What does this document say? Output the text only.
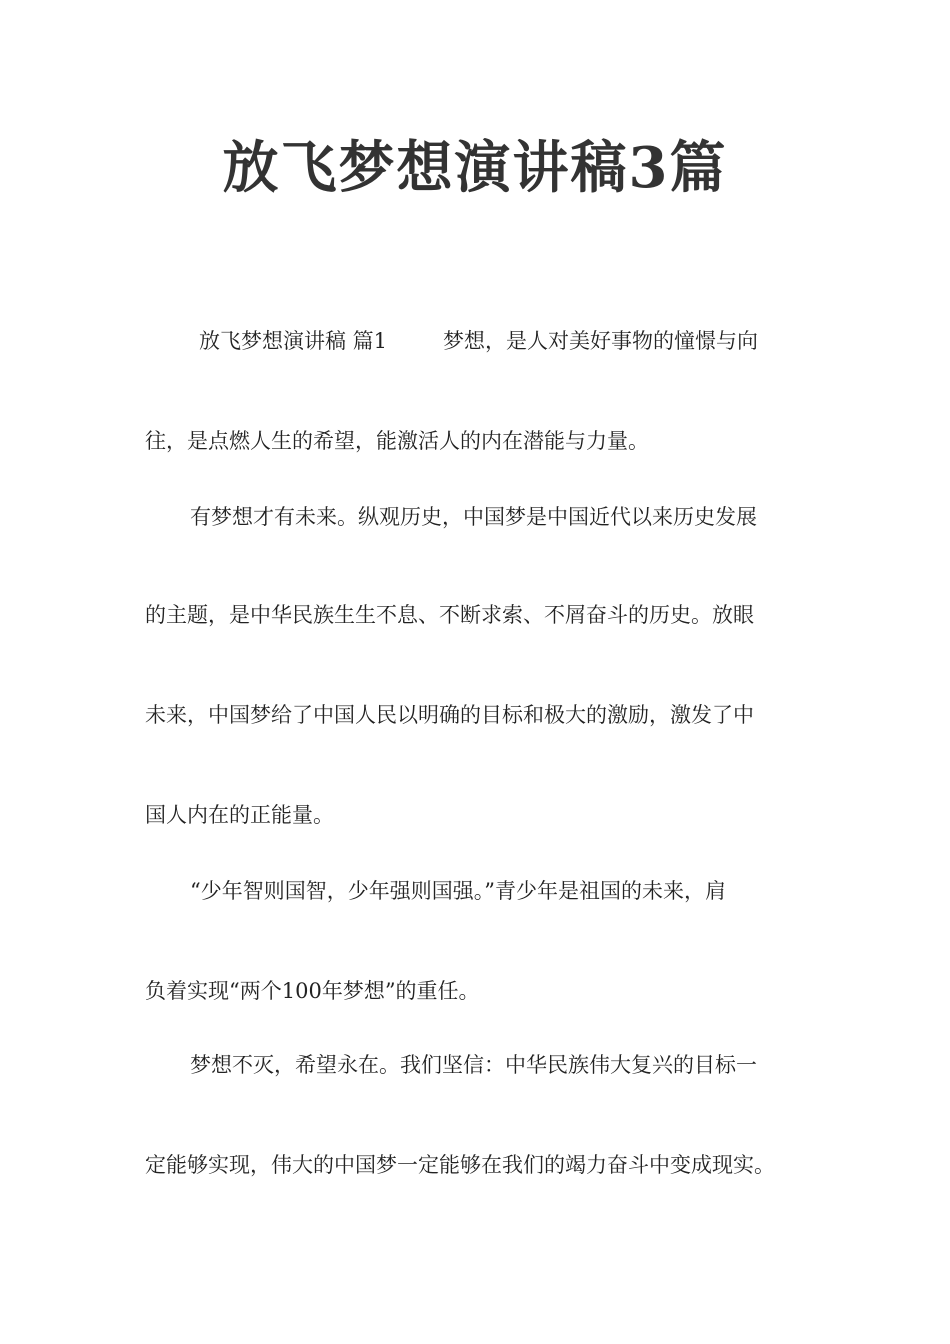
放飞梦想演讲稿3篇
放飞梦想演讲稿 篇1	梦想，是人对美好事物的憧憬与向
往，是点燃人生的希望，能激活人的内在潜能与力量。
有梦想才有未来。纵观历史，中国梦是中国近代以来历史发展
的主题，是中华民族生生不息、不断求索、不屑奋斗的历史。放眼
未来，中国梦给了中国人民以明确的目标和极大的激励，激发了中
国人内在的正能量。
“少年智则国智，少年强则国强。”青少年是祖国的未来，肩
负着实现“两个100年梦想”的重任。
梦想不灭，希望永在。我们坚信：中华民族伟大复兴的目标一
定能够实现，伟大的中国梦一定能够在我们的竭力奋斗中变成现实。
